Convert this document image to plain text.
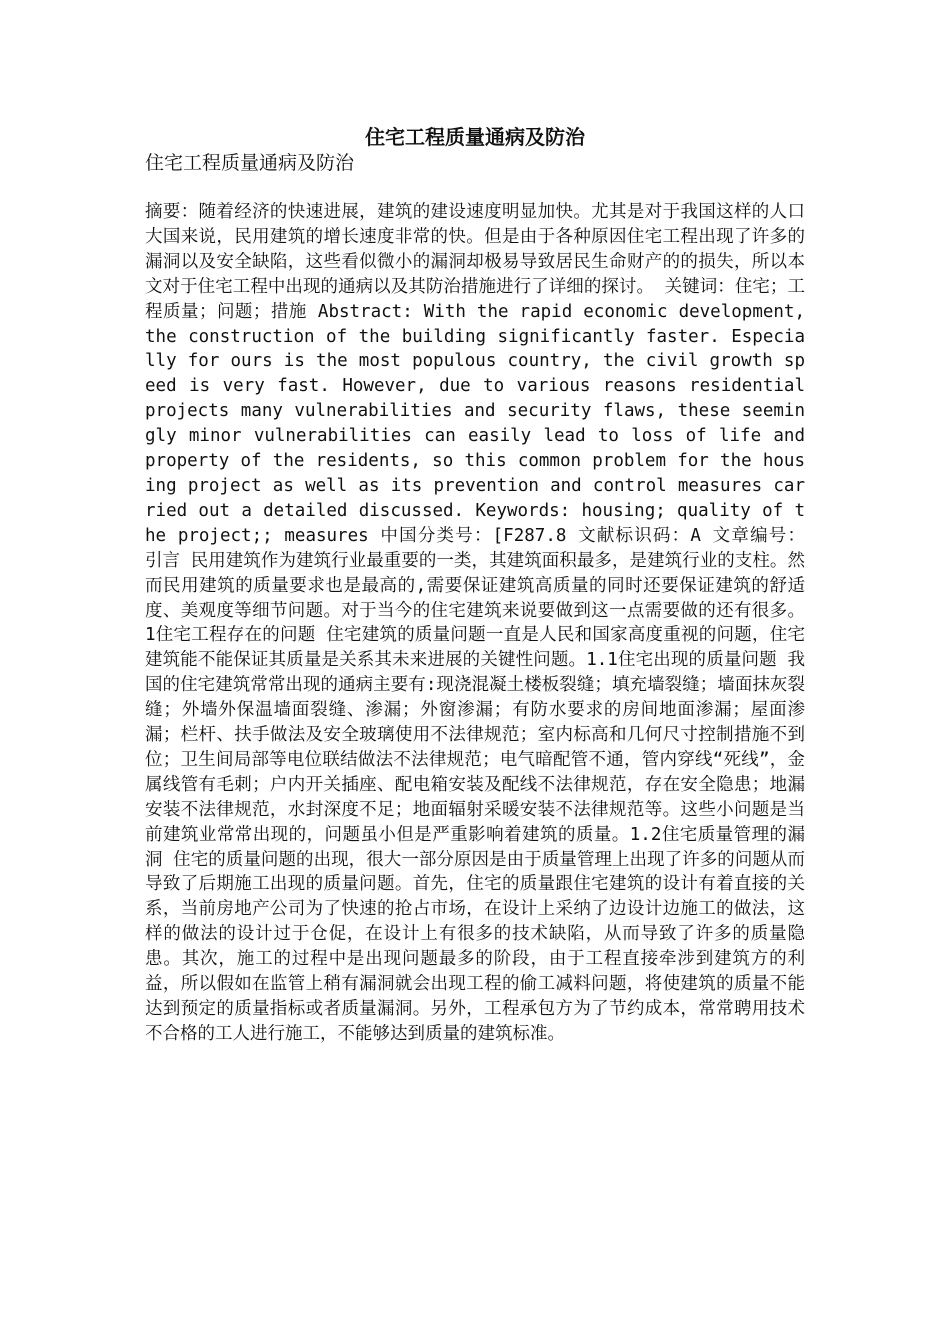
住宅工程质量通病及防治

住宅工程质量通病及防治

摘要：随着经济的快速进展，建筑的建设速度明显加快。尤其是对于我国这样的人口大国来说，民用建筑的增长速度非常的快。但是由于各种原因住宅工程出现了许多的漏洞以及安全缺陷，这些看似微小的漏洞却极易导致居民生命财产的的损失，所以本文对于住宅工程中出现的通病以及其防治措施进行了详细的探讨。 关键词：住宅；工程质量；问题；措施 Abstract: With the rapid economic development, the construction of the building significantly faster. Especially for ours is the most populous country, the civil growth speed is very fast. However, due to various reasons residential projects many vulnerabilities and security flaws, these seemingly minor vulnerabilities can easily lead to loss of life and property of the residents, so this common problem for the housing project as well as its prevention and control measures carried out a detailed discussed. Keywords: housing; quality of the project;; measures 中国分类号：[F287.8 文献标识码：A 文章编号： 引言 民用建筑作为建筑行业最重要的一类，其建筑面积最多，是建筑行业的支柱。然而民用建筑的质量要求也是最高的,需要保证建筑高质量的同时还要保证建筑的舒适度、美观度等细节问题。对于当今的住宅建筑来说要做到这一点需要做的还有很多。 1住宅工程存在的问题 住宅建筑的质量问题一直是人民和国家高度重视的问题，住宅建筑能不能保证其质量是关系其未来进展的关键性问题。1.1住宅出现的质量问题 我国的住宅建筑常常出现的通病主要有:现浇混凝土楼板裂缝；填充墙裂缝；墙面抹灰裂缝；外墙外保温墙面裂缝、渗漏；外窗渗漏；有防水要求的房间地面渗漏；屋面渗漏；栏杆、扶手做法及安全玻璃使用不法律规范；室内标高和几何尺寸控制措施不到位；卫生间局部等电位联结做法不法律规范；电气暗配管不通，管内穿线“死线”，金属线管有毛刺；户内开关插座、配电箱安装及配线不法律规范，存在安全隐患；地漏安装不法律规范，水封深度不足；地面辐射采暖安装不法律规范等。这些小问题是当前建筑业常常出现的，问题虽小但是严重影响着建筑的质量。1.2住宅质量管理的漏洞 住宅的质量问题的出现，很大一部分原因是由于质量管理上出现了许多的问题从而导致了后期施工出现的质量问题。首先，住宅的质量跟住宅建筑的设计有着直接的关系，当前房地产公司为了快速的抢占市场，在设计上采纳了边设计边施工的做法，这样的做法的设计过于仓促，在设计上有很多的技术缺陷，从而导致了许多的质量隐患。其次，施工的过程中是出现问题最多的阶段，由于工程直接牵涉到建筑方的利益，所以假如在监管上稍有漏洞就会出现工程的偷工减料问题，将使建筑的质量不能达到预定的质量指标或者质量漏洞。另外，工程承包方为了节约成本，常常聘用技术不合格的工人进行施工，不能够达到质量的建筑标准。
